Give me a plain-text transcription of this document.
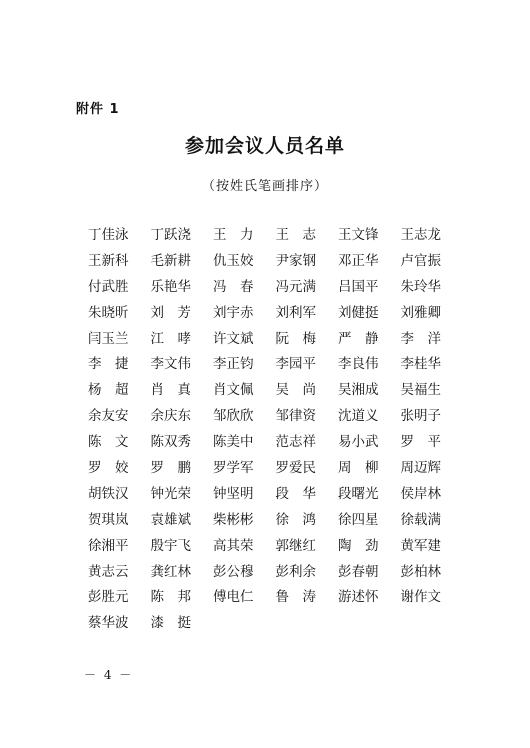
附件 1
参加会议人员名单
（按姓氏笔画排序）
丁佳泳	丁跃浇	王　力	王　志	王文锋	王志龙
王新科	毛新耕	仇玉姣	尹家钢	邓正华	卢官振
付武胜	乐艳华	冯　春	冯元满	吕国平	朱玲华
朱晓昕	刘　芳	刘宇赤	刘利军	刘健挺	刘雅卿
闫玉兰	江　哮	许文斌	阮　梅	严　静	李　洋
李　捷	李文伟	李正钧	李园平	李良伟	李桂华
杨　超	肖　真	肖文佩	吴　尚	吴湘成	吴福生
余友安	余庆东	邹欣欣	邹律资	沈道义	张明子
陈　文	陈双秀	陈美中	范志祥	易小武	罗　平
罗　姣	罗　鹏	罗学军	罗爱民	周　柳	周迈辉
胡铁汉	钟光荣	钟坚明	段　华	段曙光	侯岸林
贺琪岚	袁雄斌	柴彬彬	徐　鸿	徐四星	徐载满
徐湘平	殷宇飞	高其荣	郭继红	陶　劲	黄军建
黄志云	龚红林	彭公穆	彭利余	彭春朝	彭柏林
彭胜元	陈　邦	傅电仁	鲁　涛	游述怀	谢作文
蔡华波	漆　挺
－ 4 －
